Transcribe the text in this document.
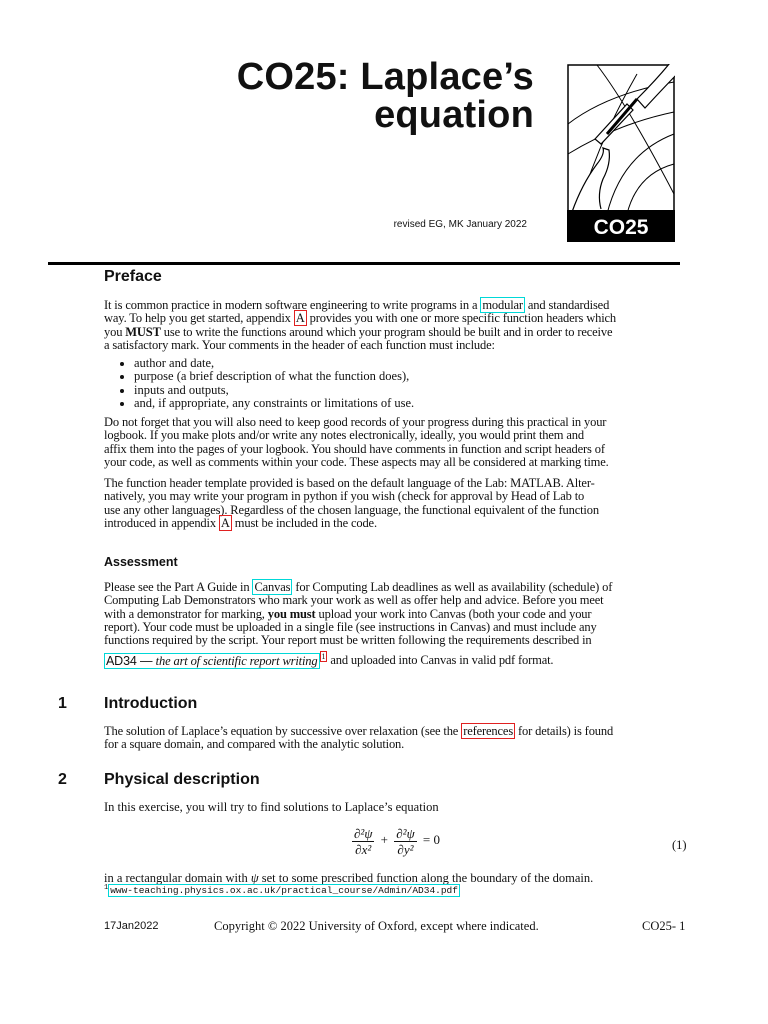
CO25: Laplace’s
equation
revised EG, MK January 2022	CO25
Preface
It is common practice in modern software engineering to write programs in a modular and standardised
way. To help you get started, appendix A provides you with one or more specific function headers which
you MUST use to write the functions around which your program should be built and in order to receive
a satisfactory mark. Your comments in the header of each function must include:
• author and date,
• purpose (a brief description of what the function does),
• inputs and outputs,
• and, if appropriate, any constraints or limitations of use.
Do not forget that you will also need to keep good records of your progress during this practical in your
logbook. If you make plots and/or write any notes electronically, ideally, you would print them and
affix them into the pages of your logbook. You should have comments in function and script headers of
your code, as well as comments within your code. These aspects may all be considered at marking time.
The function header template provided is based on the default language of the Lab: MATLAB. Alter-
natively, you may write your program in python if you wish (check for approval by Head of Lab to
use any other languages). Regardless of the chosen language, the functional equivalent of the function
introduced in appendix A must be included in the code.
Assessment
Please see the Part A Guide in Canvas for Computing Lab deadlines as well as availability (schedule) of
Computing Lab Demonstrators who mark your work as well as offer help and advice. Before you meet
with a demonstrator for marking, you must upload your work into Canvas (both your code and your
report). Your code must be uploaded in a single file (see instructions in Canvas) and must include any
functions required by the script. Your report must be written following the requirements described in
AD34 — the art of scientific report writing $^1$ and uploaded into Canvas in valid pdf format.
1 Introduction
The solution of Laplace’s equation by successive over relaxation (see the references for details) is found
for a square domain, and compared with the analytic solution.
2 Physical description
In this exercise, you will try to find solutions to Laplace’s equation
$\frac{\text{∂²ψ}}{\text{∂x²}} + \frac{\text{∂²ψ}}{\text{∂y²}} = 0$	(1)
in a rectangular domain with ψ set to some prescribed function along the boundary of the domain.
$^1$ www-teaching.physics.ox.ac.uk/practical_course/Admin/AD34.pdf
17Jan2022	Copyright © 2022 University of Oxford, except where indicated.	CO25- 1
